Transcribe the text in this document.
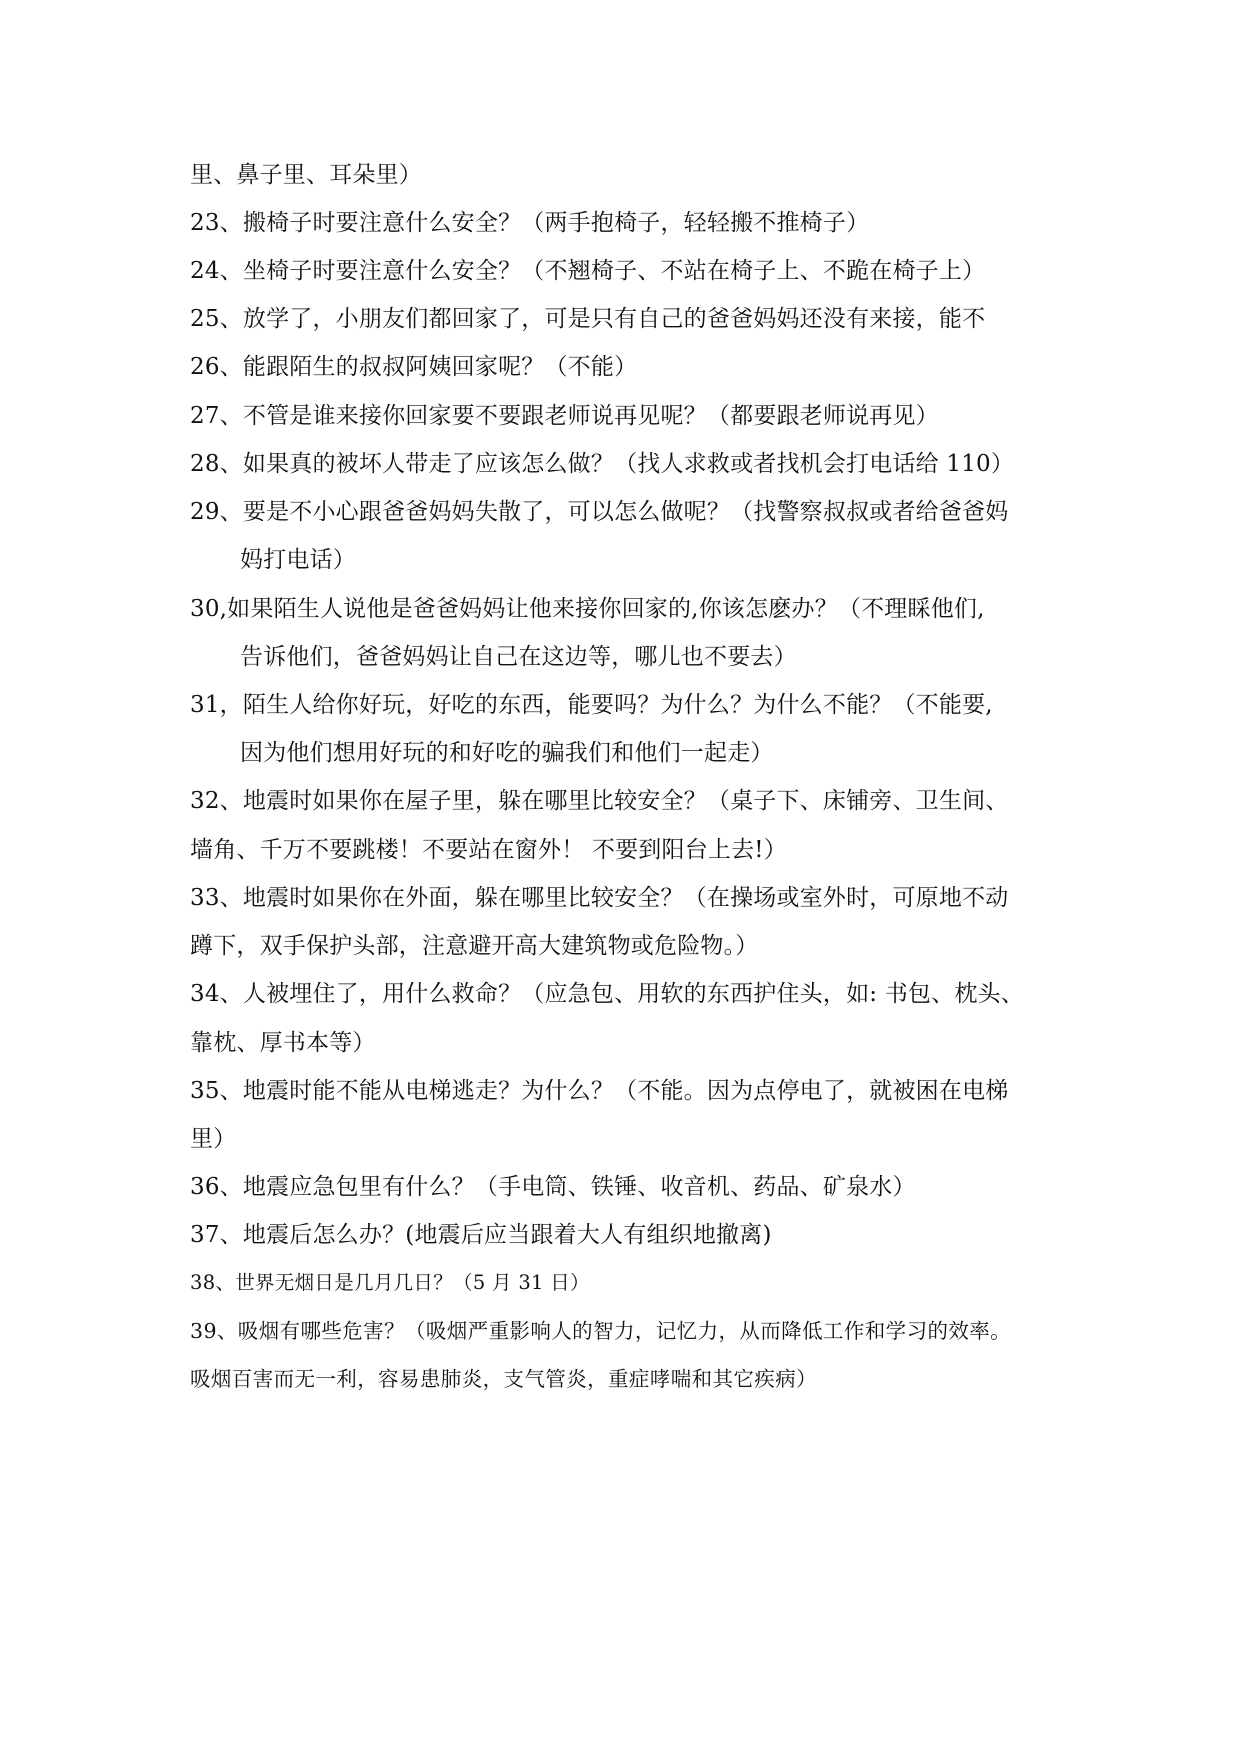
里、鼻子里、耳朵里）
23、搬椅子时要注意什么安全？（两手抱椅子，轻轻搬不推椅子）
24、坐椅子时要注意什么安全？（不翘椅子、不站在椅子上、不跪在椅子上）
25、放学了，小朋友们都回家了，可是只有自己的爸爸妈妈还没有来接，能不
26、能跟陌生的叔叔阿姨回家呢？（不能）
27、不管是谁来接你回家要不要跟老师说再见呢？（都要跟老师说再见）
28、如果真的被坏人带走了应该怎么做？（找人求救或者找机会打电话给 110）
29、要是不小心跟爸爸妈妈失散了，可以怎么做呢？（找警察叔叔或者给爸爸妈
妈打电话）
30,如果陌生人说他是爸爸妈妈让他来接你回家的,你该怎麽办？（不理睬他们,
告诉他们，爸爸妈妈让自己在这边等，哪儿也不要去）
31，陌生人给你好玩，好吃的东西，能要吗？为什么？为什么不能？（不能要,
因为他们想用好玩的和好吃的骗我们和他们一起走）
32、地震时如果你在屋子里，躲在哪里比较安全？（桌子下、床铺旁、卫生间、
墙角、千万不要跳楼！不要站在窗外！ 不要到阳台上去!）
33、地震时如果你在外面，躲在哪里比较安全？（在操场或室外时，可原地不动
蹲下，双手保护头部，注意避开高大建筑物或危险物。）
34、人被埋住了，用什么救命？（应急包、用软的东西护住头，如: 书包、枕头、
靠枕、厚书本等）
35、地震时能不能从电梯逃走？为什么？（不能。因为点停电了，就被困在电梯
里）
36、地震应急包里有什么？（手电筒、铁锤、收音机、药品、矿泉水）
37、地震后怎么办？(地震后应当跟着大人有组织地撤离)
38、世界无烟日是几月几日？（5 月 31 日）
39、吸烟有哪些危害？（吸烟严重影响人的智力，记忆力，从而降低工作和学习的效率。
吸烟百害而无一利，容易患肺炎，支气管炎，重症哮喘和其它疾病）
